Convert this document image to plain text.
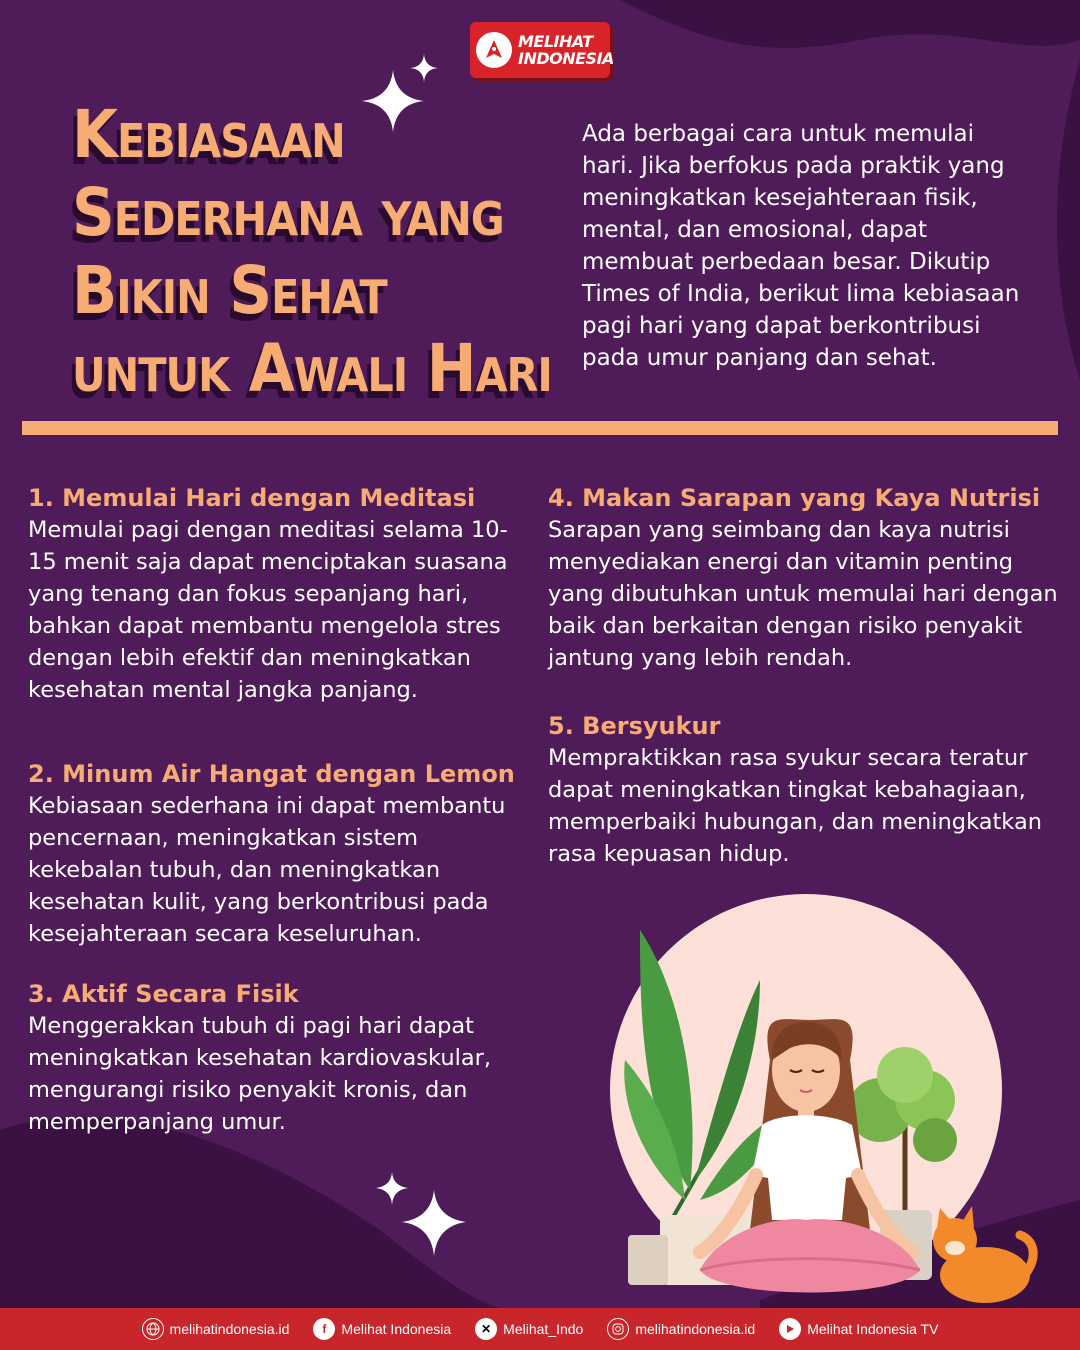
MELIHAT
INDONESIA
Kebiasaan Sederhana yang Bikin Sehat untuk Awali Hari

Ada berbagai cara untuk memulai hari. Jika berfokus pada praktik yang meningkatkan kesejahteraan fisik, mental, dan emosional, dapat membuat perbedaan besar. Dikutip Times of India, berikut lima kebiasaan pagi hari yang dapat berkontribusi pada umur panjang dan sehat.

1. Memulai Hari dengan Meditasi

Memulai pagi dengan meditasi selama 10-15 menit saja dapat menciptakan suasana yang tenang dan fokus sepanjang hari, bahkan dapat membantu mengelola stres dengan lebih efektif dan meningkatkan kesehatan mental jangka panjang.

2. Minum Air Hangat dengan Lemon

Kebiasaan sederhana ini dapat membantu pencernaan, meningkatkan sistem kekebalan tubuh, dan meningkatkan kesehatan kulit, yang berkontribusi pada kesejahteraan secara keseluruhan.

3. Aktif Secara Fisik

Menggerakkan tubuh di pagi hari dapat meningkatkan kesehatan kardiovaskular, mengurangi risiko penyakit kronis, dan memperpanjang umur.

4. Makan Sarapan yang Kaya Nutrisi

Sarapan yang seimbang dan kaya nutrisi menyediakan energi dan vitamin penting yang dibutuhkan untuk memulai hari dengan baik dan berkaitan dengan risiko penyakit jantung yang lebih rendah.

5. Bersyukur

Mempraktikkan rasa syukur secara teratur dapat meningkatkan tingkat kebahagiaan, memperbaiki hubungan, dan meningkatkan rasa kepuasan hidup.

melihatindonesia.id	f	Melihat Indonesia	✕ Melihat_Indo	melihatindonesia.id	Melihat Indonesia TV
